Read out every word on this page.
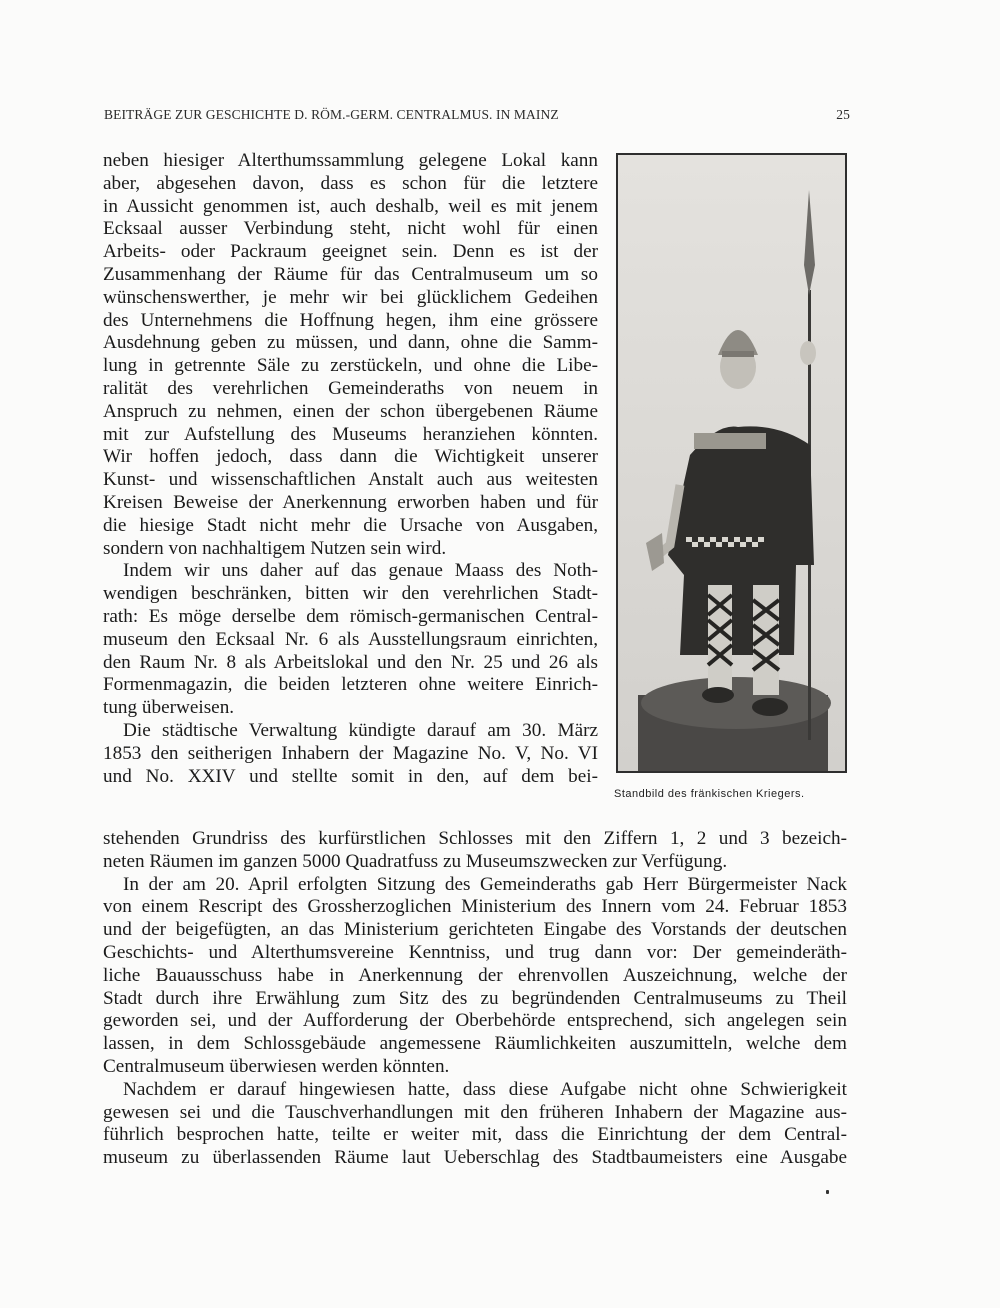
BEITRÄGE ZUR GESCHICHTE D. RÖM.-GERM. CENTRALMUS. IN MAINZ	25
Standbild des fränkischen Kriegers.
neben hiesiger Alterthumssammlung gelegene Lokal kann
aber, abgesehen davon, dass es schon für die letztere
in Aussicht genommen ist, auch deshalb, weil es mit jenem
Ecksaal ausser Verbindung steht, nicht wohl für einen
Arbeits- oder Packraum geeignet sein. Denn es ist der
Zusammenhang der Räume für das Centralmuseum um so
wünschenswerther, je mehr wir bei glücklichem Gedeihen
des Unternehmens die Hoffnung hegen, ihm eine grössere
Ausdehnung geben zu müssen, und dann, ohne die Samm-
lung in getrennte Säle zu zerstückeln, und ohne die Libe-
ralität des verehrlichen Gemeinderaths von neuem in
Anspruch zu nehmen, einen der schon übergebenen Räume
mit zur Aufstellung des Museums heranziehen könnten.
Wir hoffen jedoch, dass dann die Wichtigkeit unserer
Kunst- und wissenschaftlichen Anstalt auch aus weitesten
Kreisen Beweise der Anerkennung erworben haben und für
die hiesige Stadt nicht mehr die Ursache von Ausgaben,
sondern von nachhaltigem Nutzen sein wird.
Indem wir uns daher auf das genaue Maass des Noth-
wendigen beschränken, bitten wir den verehrlichen Stadt-
rath: Es möge derselbe dem römisch-germanischen Central-
museum den Ecksaal Nr. 6 als Ausstellungsraum einrichten,
den Raum Nr. 8 als Arbeitslokal und den Nr. 25 und 26 als
Formenmagazin, die beiden letzteren ohne weitere Einrich-
tung überweisen.
Die städtische Verwaltung kündigte darauf am 30. März
1853 den seitherigen Inhabern der Magazine No. V, No. VI
und No. XXIV und stellte somit in den, auf dem bei-
stehenden Grundriss des kurfürstlichen Schlosses mit den Ziffern 1, 2 und 3 bezeich-
neten Räumen im ganzen 5000 Quadratfuss zu Museumszwecken zur Verfügung.
In der am 20. April erfolgten Sitzung des Gemeinderaths gab Herr Bürgermeister Nack
von einem Rescript des Grossherzoglichen Ministerium des Innern vom 24. Februar 1853
und der beigefügten, an das Ministerium gerichteten Eingabe des Vorstands der deutschen
Geschichts- und Alterthumsvereine Kenntniss, und trug dann vor: Der gemeinderäth-
liche Bauausschuss habe in Anerkennung der ehrenvollen Auszeichnung, welche der
Stadt durch ihre Erwählung zum Sitz des zu begründenden Centralmuseums zu Theil
geworden sei, und der Aufforderung der Oberbehörde entsprechend, sich angelegen sein
lassen, in dem Schlossgebäude angemessene Räumlichkeiten auszumitteln, welche dem
Centralmuseum überwiesen werden könnten.
Nachdem er darauf hingewiesen hatte, dass diese Aufgabe nicht ohne Schwierigkeit
gewesen sei und die Tauschverhandlungen mit den früheren Inhabern der Magazine aus-
führlich besprochen hatte, teilte er weiter mit, dass die Einrichtung der dem Central-
museum zu überlassenden Räume laut Ueberschlag des Stadtbaumeisters eine Ausgabe
